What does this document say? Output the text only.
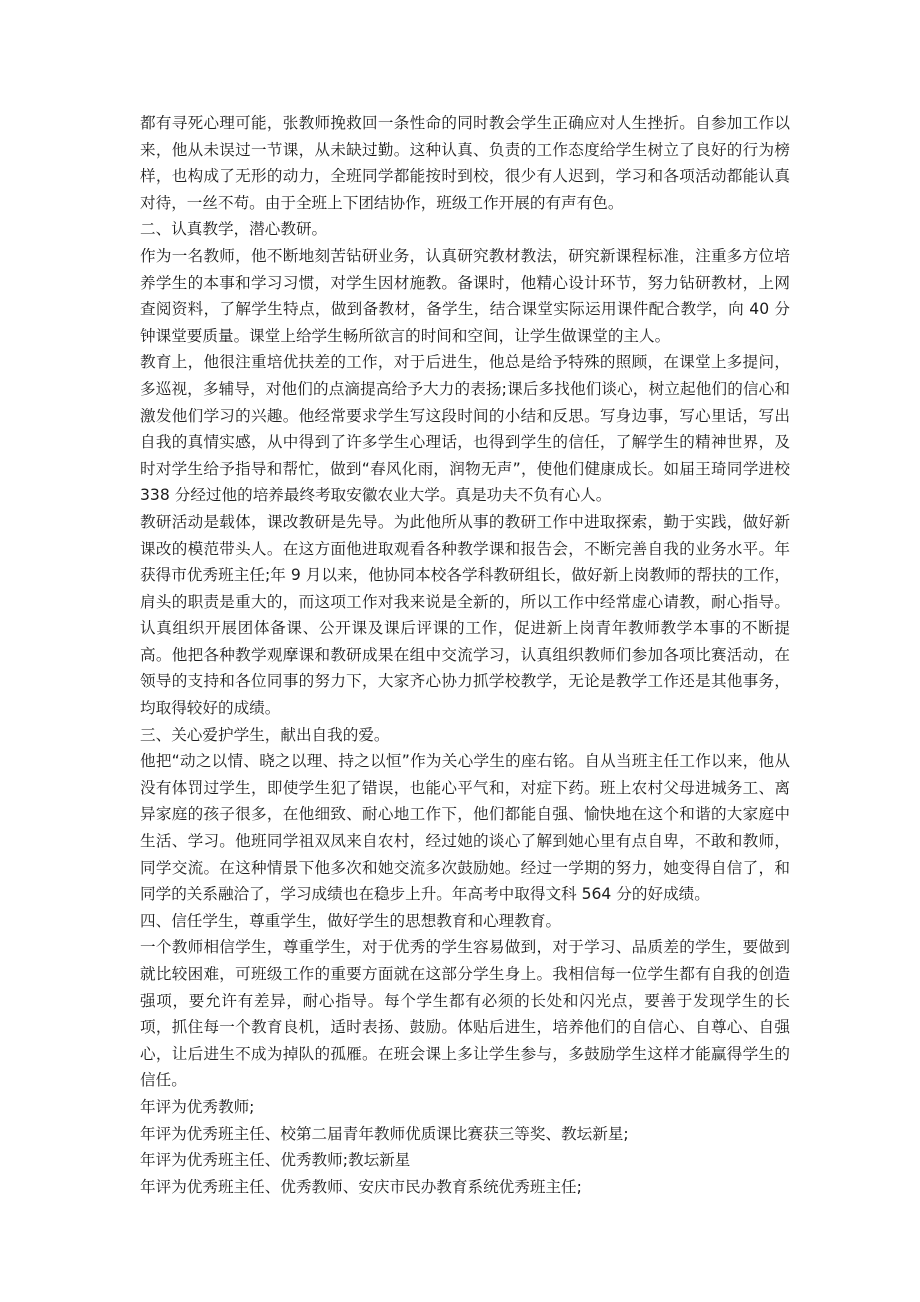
都有寻死心理可能，张教师挽救回一条性命的同时教会学生正确应对人生挫折。自参加工作以来，他从未误过一节课，从未缺过勤。这种认真、负责的工作态度给学生树立了良好的行为榜样，也构成了无形的动力，全班同学都能按时到校，很少有人迟到，学习和各项活动都能认真对待，一丝不苟。由于全班上下团结协作，班级工作开展的有声有色。

二、认真教学，潜心教研。

作为一名教师，他不断地刻苦钻研业务，认真研究教材教法，研究新课程标准，注重多方位培养学生的本事和学习习惯，对学生因材施教。备课时，他精心设计环节，努力钻研教材，上网查阅资料，了解学生特点，做到备教材，备学生，结合课堂实际运用课件配合教学，向 40 分钟课堂要质量。课堂上给学生畅所欲言的时间和空间，让学生做课堂的主人。

教育上，他很注重培优扶差的工作，对于后进生，他总是给予特殊的照顾，在课堂上多提问，多巡视，多辅导，对他们的点滴提高给予大力的表扬;课后多找他们谈心，树立起他们的信心和激发他们学习的兴趣。他经常要求学生写这段时间的小结和反思。写身边事，写心里话，写出自我的真情实感，从中得到了许多学生心理话，也得到学生的信任，了解学生的精神世界，及时对学生给予指导和帮忙，做到“春风化雨，润物无声”，使他们健康成长。如届王琦同学进校 338 分经过他的培养最终考取安徽农业大学。真是功夫不负有心人。

教研活动是载体，课改教研是先导。为此他所从事的教研工作中进取探索，勤于实践，做好新课改的模范带头人。在这方面他进取观看各种教学课和报告会，不断完善自我的业务水平。年获得市优秀班主任;年 9 月以来，他协同本校各学科教研组长，做好新上岗教师的帮扶的工作，肩头的职责是重大的，而这项工作对我来说是全新的，所以工作中经常虚心请教，耐心指导。认真组织开展团体备课、公开课及课后评课的工作，促进新上岗青年教师教学本事的不断提高。他把各种教学观摩课和教研成果在组中交流学习，认真组织教师们参加各项比赛活动，在领导的支持和各位同事的努力下，大家齐心协力抓学校教学，无论是教学工作还是其他事务，均取得较好的成绩。

三、关心爱护学生，献出自我的爱。

他把“动之以情、晓之以理、持之以恒”作为关心学生的座右铭。自从当班主任工作以来，他从没有体罚过学生，即使学生犯了错误，也能心平气和，对症下药。班上农村父母进城务工、离异家庭的孩子很多，在他细致、耐心地工作下，他们都能自强、愉快地在这个和谐的大家庭中生活、学习。他班同学祖双凤来自农村，经过她的谈心了解到她心里有点自卑，不敢和教师，同学交流。在这种情景下他多次和她交流多次鼓励她。经过一学期的努力，她变得自信了，和同学的关系融洽了，学习成绩也在稳步上升。年高考中取得文科 564 分的好成绩。

四、信任学生，尊重学生，做好学生的思想教育和心理教育。

一个教师相信学生，尊重学生，对于优秀的学生容易做到，对于学习、品质差的学生，要做到就比较困难，可班级工作的重要方面就在这部分学生身上。我相信每一位学生都有自我的创造强项，要允许有差异，耐心指导。每个学生都有必须的长处和闪光点，要善于发现学生的长项，抓住每一个教育良机，适时表扬、鼓励。体贴后进生，培养他们的自信心、自尊心、自强心，让后进生不成为掉队的孤雁。在班会课上多让学生参与，多鼓励学生这样才能赢得学生的信任。

年评为优秀教师;

年评为优秀班主任、校第二届青年教师优质课比赛获三等奖、教坛新星;

年评为优秀班主任、优秀教师;教坛新星

年评为优秀班主任、优秀教师、安庆市民办教育系统优秀班主任;
